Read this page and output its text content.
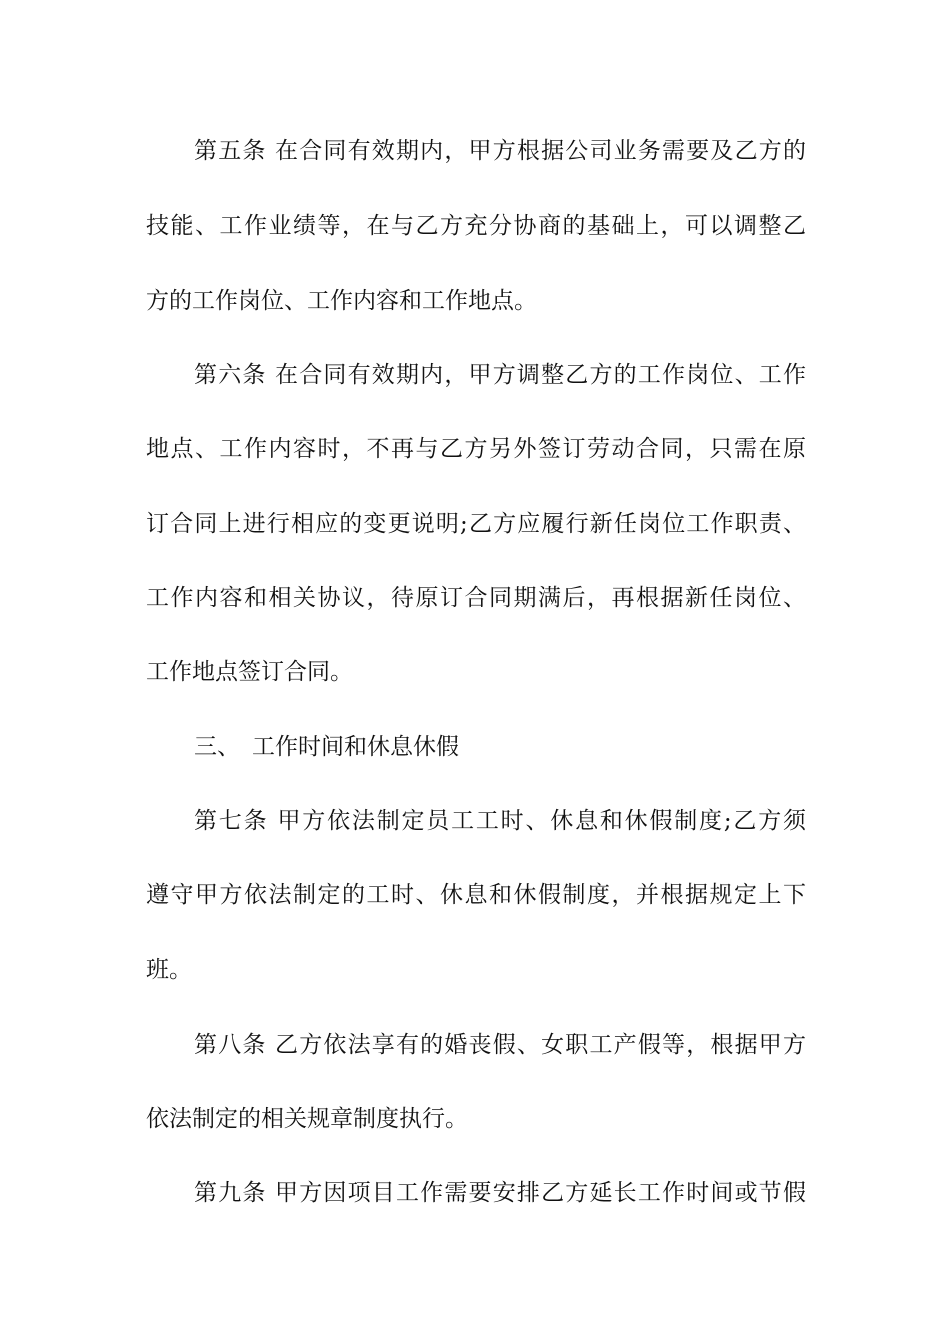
第五条 在合同有效期内，甲方根据公司业务需要及乙方的
技能、工作业绩等，在与乙方充分协商的基础上，可以调整乙
方的工作岗位、工作内容和工作地点。
第六条 在合同有效期内，甲方调整乙方的工作岗位、工作
地点、工作内容时，不再与乙方另外签订劳动合同，只需在原
订合同上进行相应的变更说明;乙方应履行新任岗位工作职责、
工作内容和相关协议，待原订合同期满后，再根据新任岗位、
工作地点签订合同。
三、 工作时间和休息休假
第七条 甲方依法制定员工工时、休息和休假制度;乙方须
遵守甲方依法制定的工时、休息和休假制度，并根据规定上下
班。
第八条 乙方依法享有的婚丧假、女职工产假等，根据甲方
依法制定的相关规章制度执行。
第九条 甲方因项目工作需要安排乙方延长工作时间或节假
